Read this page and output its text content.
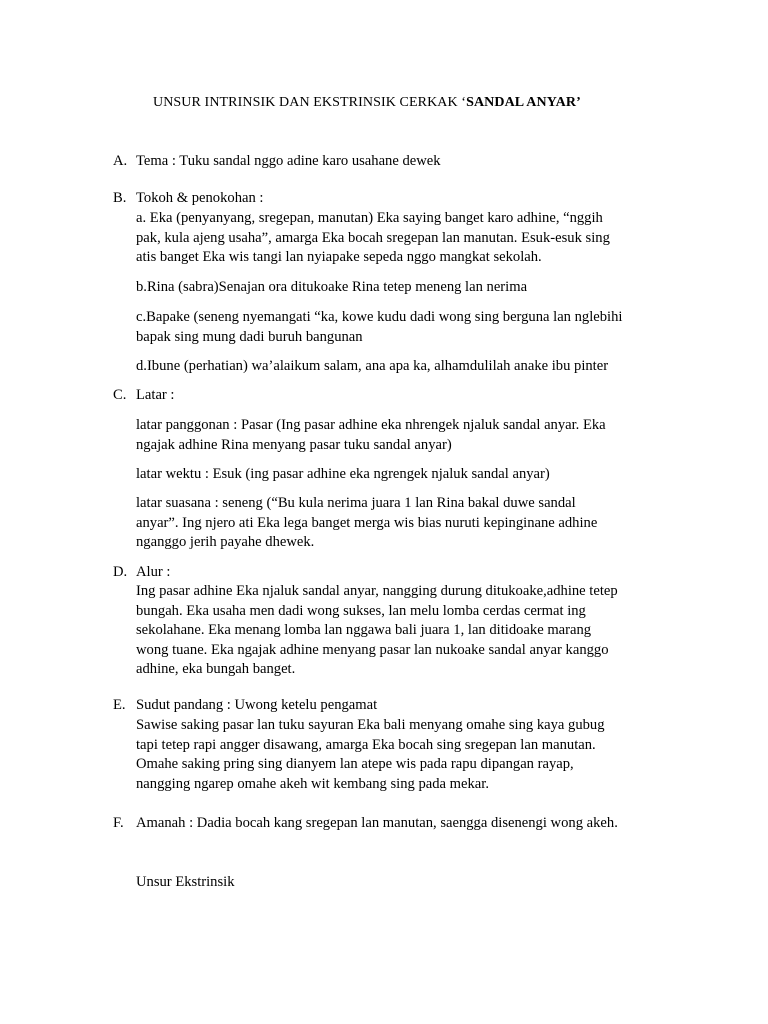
UNSUR INTRINSIK DAN EKSTRINSIK CERKAK ‘SANDAL ANYAR’
A. Tema : Tuku sandal nggo adine karo usahane dewek
B. Tokoh & penokohan :
a. Eka (penyanyang, sregepan, manutan) Eka saying banget karo adhine, “nggih
pak, kula ajeng usaha”, amarga Eka bocah sregepan lan manutan. Esuk-esuk sing
atis banget Eka wis tangi lan nyiapake sepeda nggo mangkat sekolah.
b.Rina (sabra)Senajan ora ditukoake Rina tetep meneng lan nerima
c.Bapake (seneng nyemangati “ka, kowe kudu dadi wong sing berguna lan nglebihi
bapak sing mung dadi buruh bangunan
d.Ibune (perhatian) wa’alaikum salam, ana apa ka, alhamdulilah anake ibu pinter
C. Latar :
latar panggonan : Pasar (Ing pasar adhine eka nhrengek njaluk sandal anyar. Eka
ngajak adhine Rina menyang pasar tuku sandal anyar)
latar wektu : Esuk (ing pasar adhine eka ngrengek njaluk sandal anyar)
latar suasana : seneng (“Bu kula nerima juara 1 lan Rina bakal duwe sandal
anyar”. Ing njero ati Eka lega banget merga wis bias nuruti kepinginane adhine
nganggo jerih payahe dhewek.
D. Alur :
Ing pasar adhine Eka njaluk sandal anyar, nangging durung ditukoake,adhine tetep
bungah. Eka usaha men dadi wong sukses, lan melu lomba cerdas cermat ing
sekolahane. Eka menang lomba lan nggawa bali juara 1, lan ditidoake marang
wong tuane. Eka ngajak adhine menyang pasar lan nukoake sandal anyar kanggo
adhine, eka bungah banget.
E. Sudut pandang : Uwong ketelu pengamat
Sawise saking pasar lan tuku sayuran Eka bali menyang omahe sing kaya gubug
tapi tetep rapi angger disawang, amarga Eka bocah sing sregepan lan manutan.
Omahe saking pring sing dianyem lan atepe wis pada rapu dipangan rayap,
nangging ngarep omahe akeh wit kembang sing pada mekar.
F. Amanah : Dadia bocah kang sregepan lan manutan, saengga disenengi wong akeh.
Unsur Ekstrinsik
